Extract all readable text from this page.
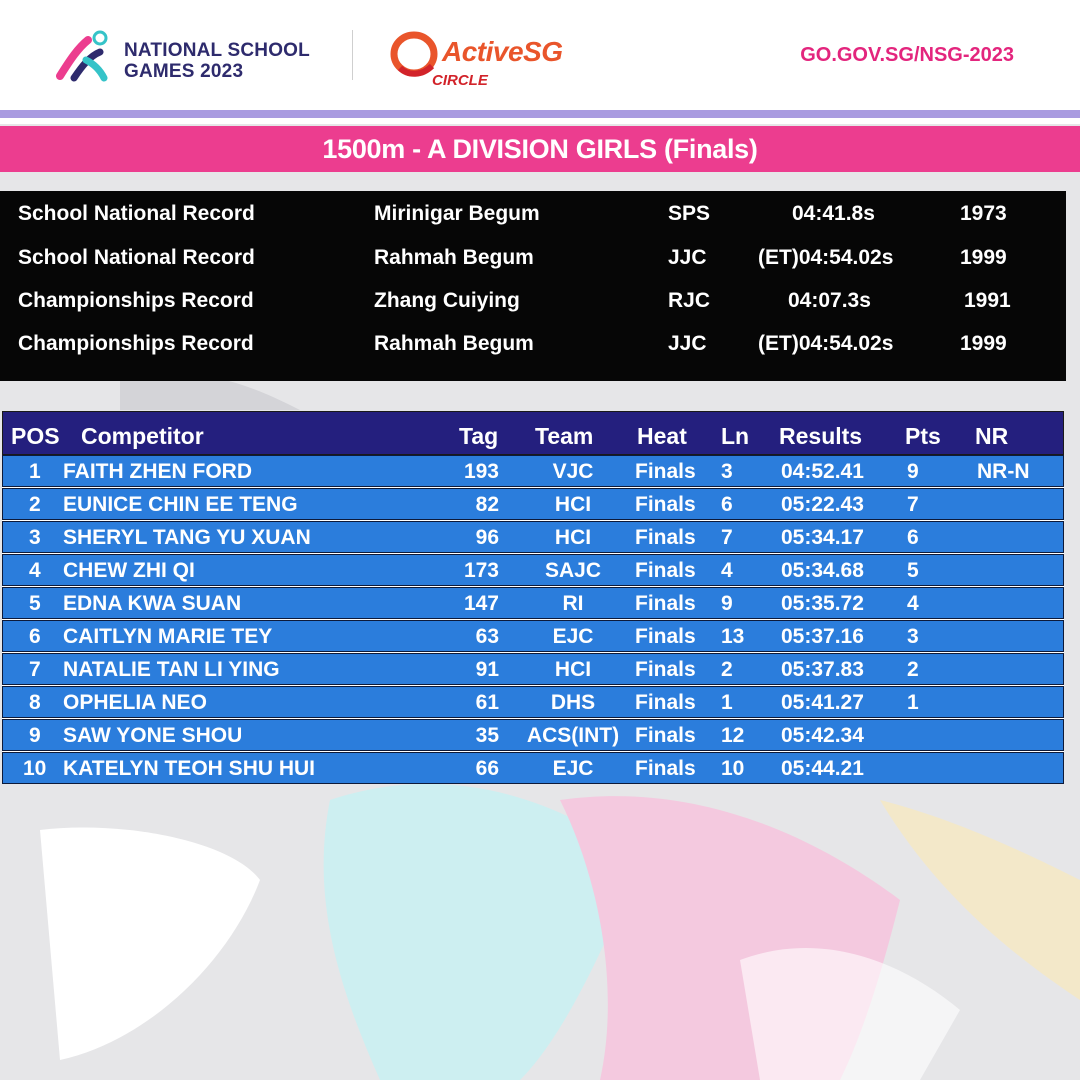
NATIONAL SCHOOL
GAMES 2023
ActiveSG
CIRCLE
GO.GOV.SG/NSG-2023
1500m - A DIVISION GIRLS (Finals)
School National Record	Mirinigar Begum	SPS	04:41.8s	1973
School National Record	Rahmah Begum	JJC (ET)04:54.02s	1999
Championships Record	Zhang Cuiying	RJC	04:07.3s	1991
Championships Record	Rahmah Begum	JJC (ET)04:54.02s	1999
POS Competitor	Tag Team Heat Ln Results Pts NR
1 FAITH ZHEN FORD	193	VJC Finals 3 04:52.41 9	NR-N
2 EUNICE CHIN EE TENG	82	HCI Finals 6 05:22.43 7
3 SHERYL TANG YU XUAN	96	HCI Finals 7 05:34.17 6
4 CHEW ZHI QI	173 SAJC Finals 4 05:34.68 5
5 EDNA KWA SUAN	147	RI Finals 9 05:35.72 4
6 CAITLYN MARIE TEY	63	EJC Finals 13 05:37.16 3
7 NATALIE TAN LI YING	91	HCI Finals 2 05:37.83 2
8 OPHELIA NEO	61 DHS Finals 1 05:41.27 1
9 SAW YONE SHOU	35 ACS(INT) Finals 12 05:42.34
10 KATELYN TEOH SHU HUI	66	EJC Finals 10 05:44.21
